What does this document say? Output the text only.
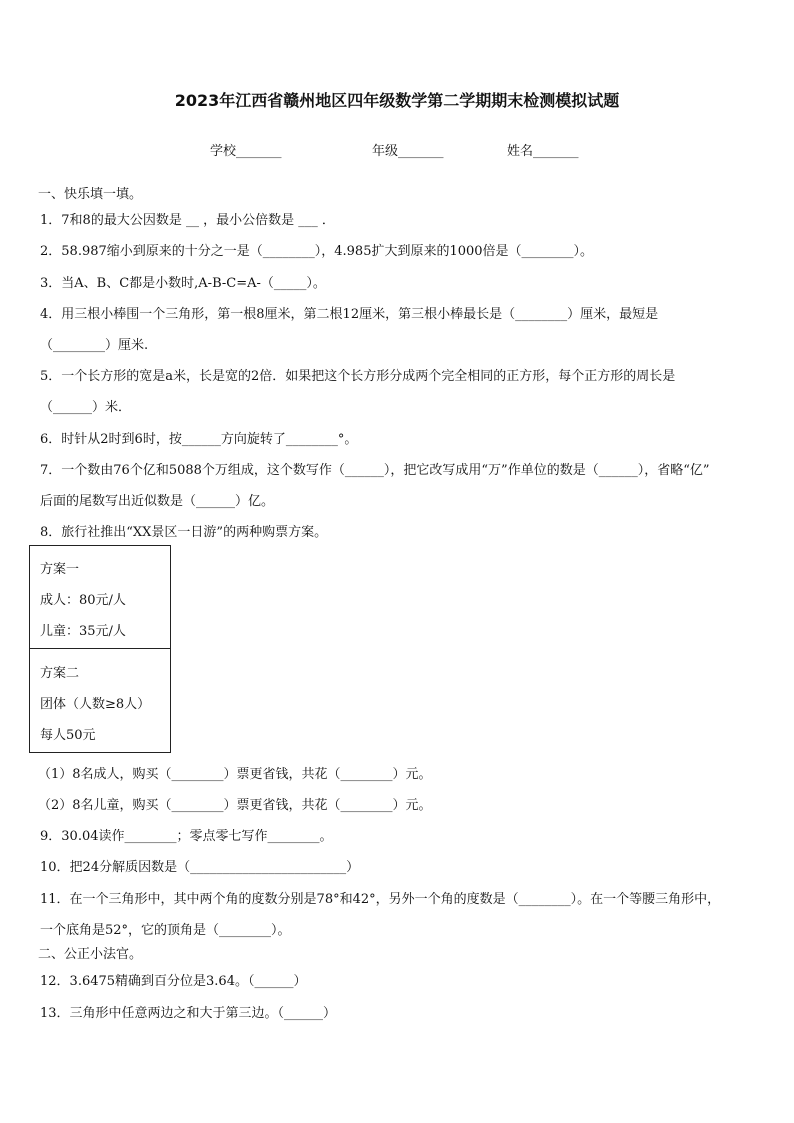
2023年江西省赣州地区四年级数学第二学期期末检测模拟试题
学校_______	年级_______	姓名_______
一、快乐填一填。
1．7和8的最大公因数是 __ ，最小公倍数是 ___ ．
2．58.987缩小到原来的十分之一是（________），4.985扩大到原来的1000倍是（________）。
3．当A、B、C都是小数时,A-B-C=A-（_____）。
4．用三根小棒围一个三角形，第一根8厘米，第二根12厘米，第三根小棒最长是（________）厘米，最短是
（________）厘米.
5．一个长方形的宽是a米，长是宽的2倍．如果把这个长方形分成两个完全相同的正方形，每个正方形的周长是
（______）米．
6．时针从2时到6时，按______方向旋转了________°。
7．一个数由76个亿和5088个万组成，这个数写作（______），把它改写成用“万”作单位的数是（______），省略“亿”
后面的尾数写出近似数是（______）亿。
8．旅行社推出“XX景区一日游”的两种购票方案。
方案一
成人：80元/人
儿童：35元/人
方案二
团体（人数≥8人）
每人50元
（1）8名成人，购买（________）票更省钱，共花（________）元。
（2）8名儿童，购买（________）票更省钱，共花（________）元。
9．30.04读作________；零点零七写作________。
10．把24分解质因数是（________________________）
11．在一个三角形中，其中两个角的度数分别是78°和42°，另外一个角的度数是（________）。在一个等腰三角形中，
一个底角是52°，它的顶角是（________）。
二、公正小法官。
12．3.6475精确到百分位是3.64。（______）
13．三角形中任意两边之和大于第三边。（______）
